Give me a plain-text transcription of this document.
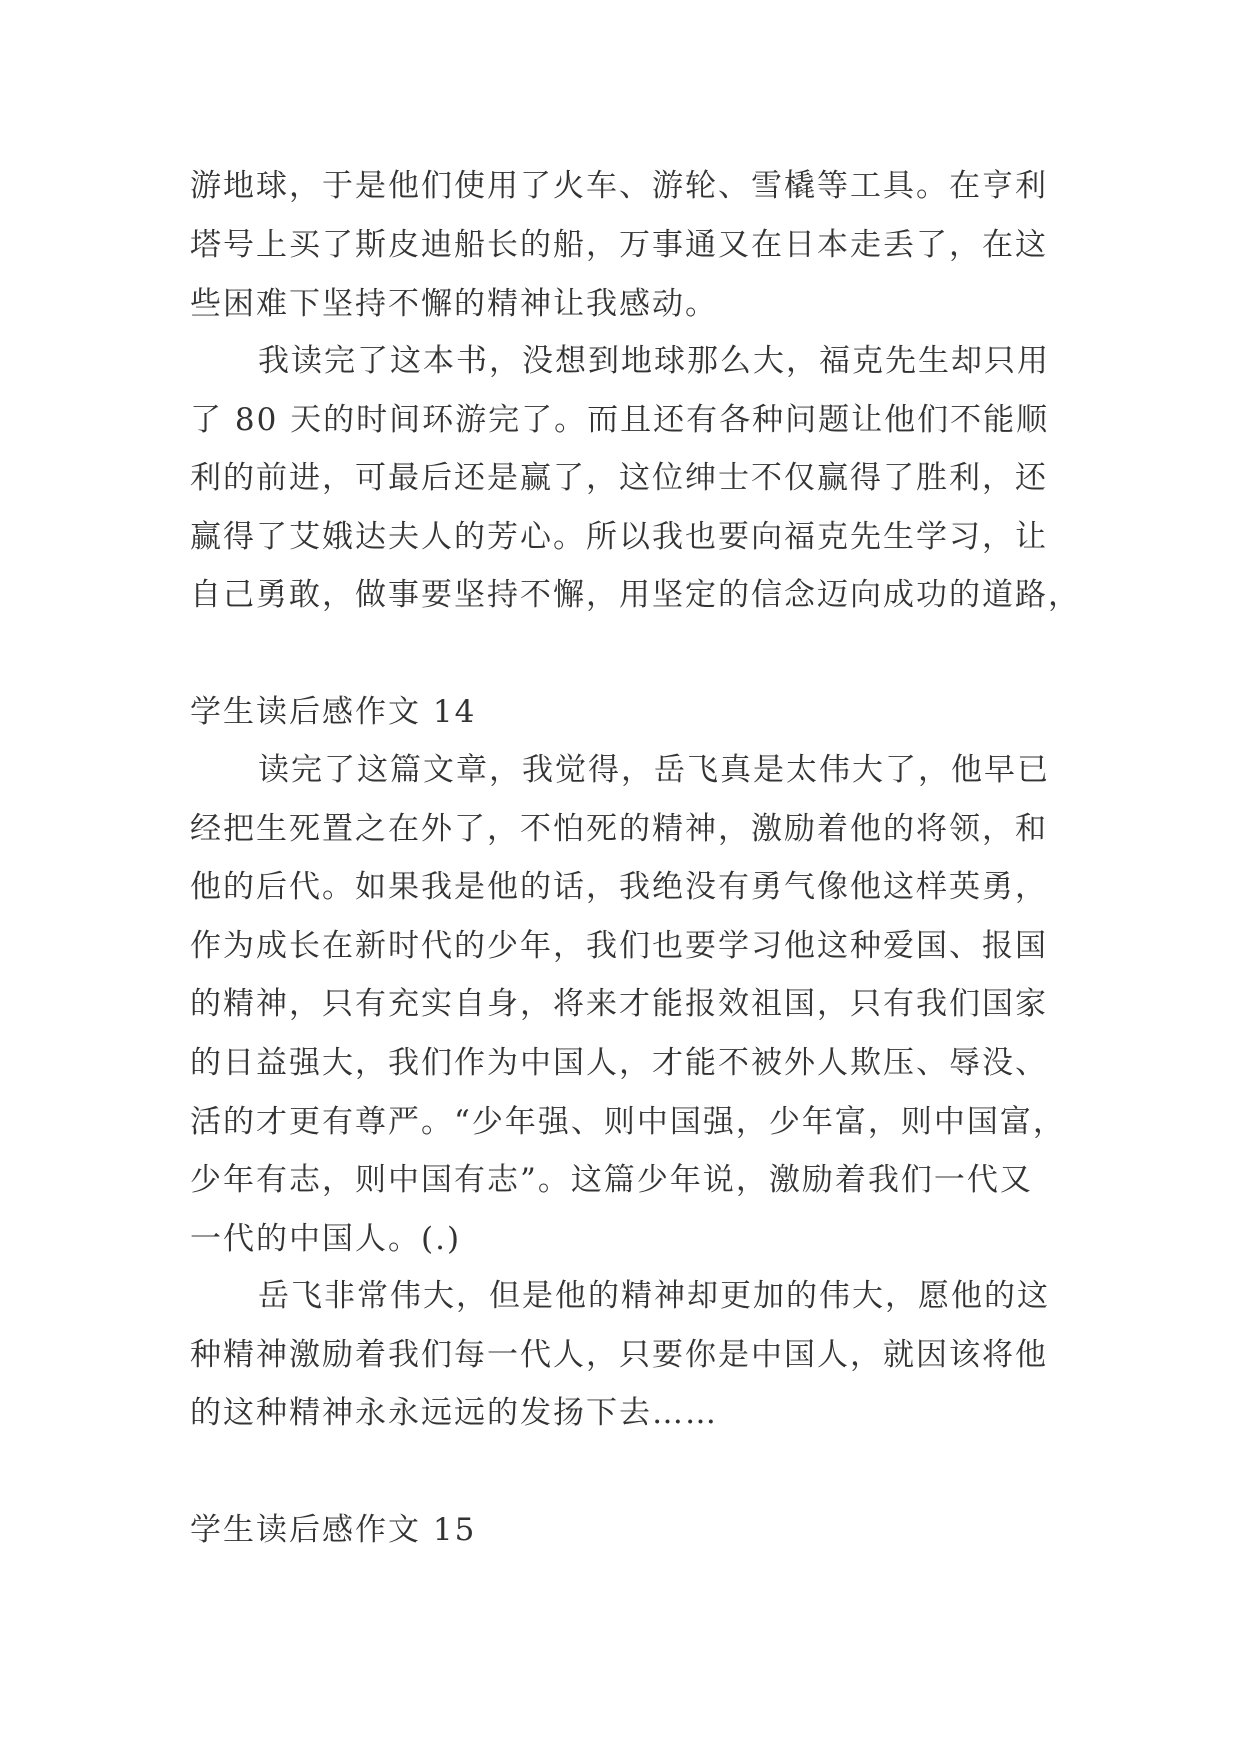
游地球，于是他们使用了火车、游轮、雪橇等工具。在亨利

塔号上买了斯皮迪船长的船，万事通又在日本走丢了，在这

些困难下坚持不懈的精神让我感动。

我读完了这本书，没想到地球那么大，福克先生却只用

了 80 天的时间环游完了。而且还有各种问题让他们不能顺

利的前进，可最后还是赢了，这位绅士不仅赢得了胜利，还

赢得了艾娥达夫人的芳心。所以我也要向福克先生学习，让

自己勇敢，做事要坚持不懈，用坚定的信念迈向成功的道路，

学生读后感作文 14

读完了这篇文章，我觉得，岳飞真是太伟大了，他早已

经把生死置之在外了，不怕死的精神，激励着他的将领，和

他的后代。如果我是他的话，我绝没有勇气像他这样英勇，

作为成长在新时代的少年，我们也要学习他这种爱国、报国

的精神，只有充实自身，将来才能报效祖国，只有我们国家

的日益强大，我们作为中国人，才能不被外人欺压、辱没、

活的才更有尊严。“少年强、则中国强，少年富，则中国富，

少年有志，则中国有志”。这篇少年说，激励着我们一代又

一代的中国人。(.)

岳飞非常伟大，但是他的精神却更加的伟大，愿他的这

种精神激励着我们每一代人，只要你是中国人，就因该将他

的这种精神永永远远的发扬下去……

学生读后感作文 15
